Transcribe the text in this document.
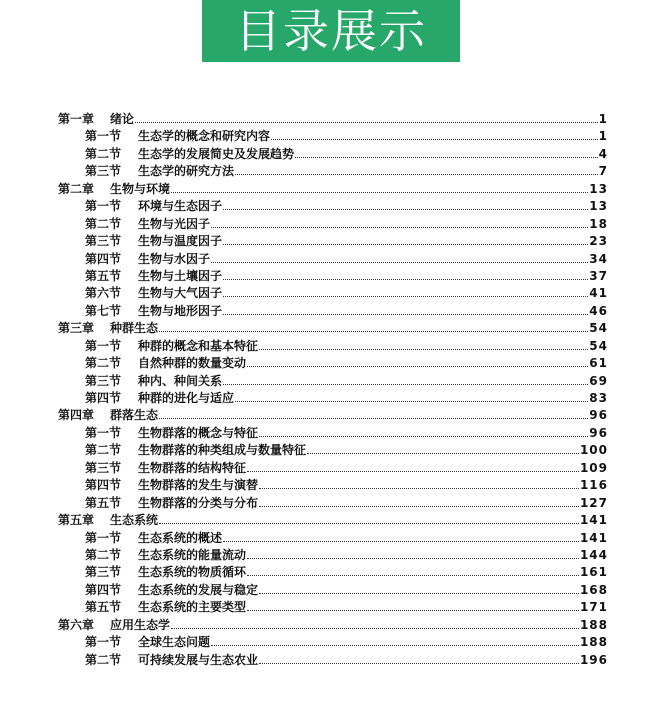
目录展示
第一章	绪论	1
第一节	生态学的概念和研究内容	1
第二节	生态学的发展简史及发展趋势	4
第三节	生态学的研究方法	7
第二章	生物与环境	13
第一节	环境与生态因子	13
第二节	生物与光因子	18
第三节	生物与温度因子	23
第四节	生物与水因子	34
第五节	生物与土壤因子	37
第六节	生物与大气因子	41
第七节	生物与地形因子	46
第三章	种群生态	54
第一节	种群的概念和基本特征	54
第二节	自然种群的数量变动	61
第三节	种内、种间关系	69
第四节	种群的进化与适应	83
第四章	群落生态	96
第一节	生物群落的概念与特征	96
第二节	生物群落的种类组成与数量特征	100
第三节	生物群落的结构特征	109
第四节	生物群落的发生与演替	116
第五节	生物群落的分类与分布	127
第五章	生态系统	141
第一节	生态系统的概述	141
第二节	生态系统的能量流动	144
第三节	生态系统的物质循环	161
第四节	生态系统的发展与稳定	168
第五节	生态系统的主要类型	171
第六章	应用生态学	188
第一节	全球生态问题	188
第二节	可持续发展与生态农业	196
